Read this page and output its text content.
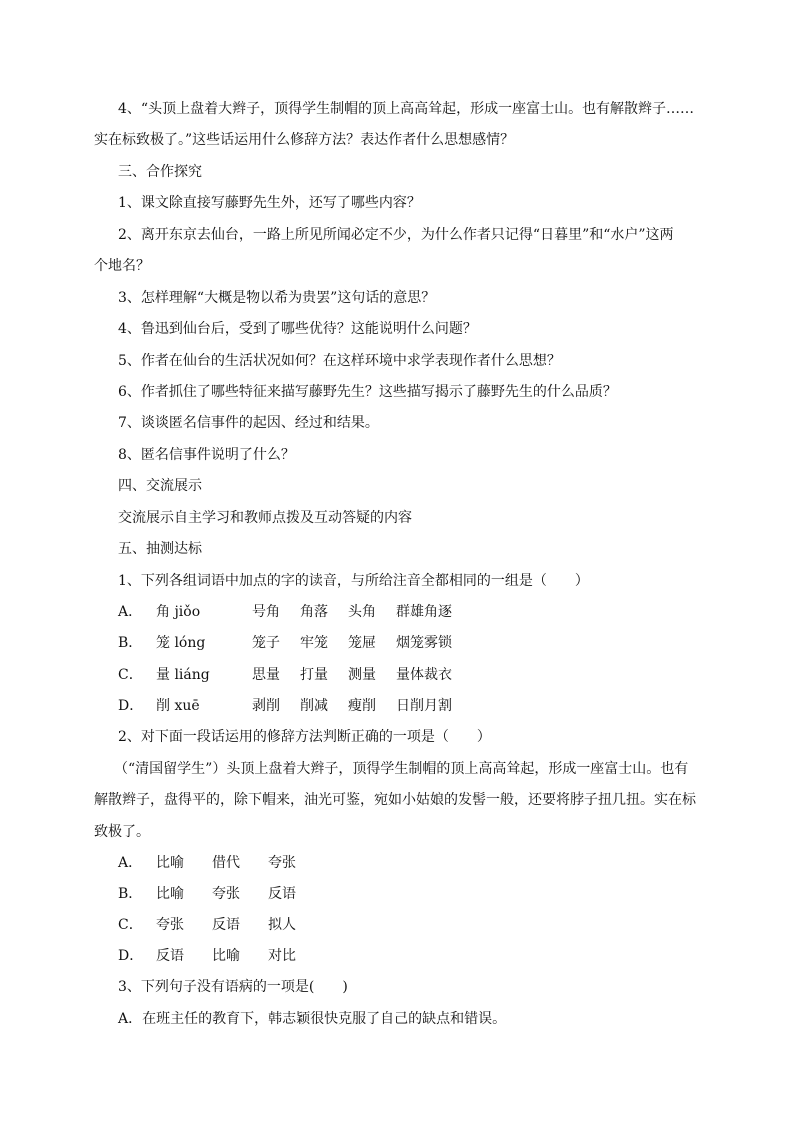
4、“头顶上盘着大辫子，顶得学生制帽的顶上高高耸起，形成一座富士山。也有解散辫子……
实在标致极了。”这些话运用什么修辞方法？表达作者什么思想感情？
三、合作探究
1、课文除直接写藤野先生外，还写了哪些内容？
2、离开东京去仙台，一路上所见所闻必定不少，为什么作者只记得“日暮里”和“水户”这两
个地名？
3、怎样理解“大概是物以希为贵罢”这句话的意思？
4、鲁迅到仙台后，受到了哪些优待？这能说明什么问题？
5、作者在仙台的生活状况如何？在这样环境中求学表现作者什么思想？
6、作者抓住了哪些特征来描写藤野先生？这些描写揭示了藤野先生的什么品质？
7、谈谈匿名信事件的起因、经过和结果。
8、匿名信事件说明了什么？
四、交流展示
交流展示自主学习和教师点拨及互动答疑的内容
五、抽测达标
1、下列各组词语中加点的字的读音，与所给注音全都相同的一组是（　　）
A． 角 jiǒo	号角 角落 头角 群雄角逐
B． 笼 lóng	笼子 牢笼 笼屉 烟笼雾锁
C． 量 liáng	思量 打量 测量 量体裁衣
D． 削 xuē	剥削 削减 瘦削 日削月割
2、对下面一段话运用的修辞方法判断正确的一项是（　　）
（“清国留学生”）头顶上盘着大辫子，顶得学生制帽的顶上高高耸起，形成一座富士山。也有
解散辫子，盘得平的，除下帽来，油光可鉴，宛如小姑娘的发髻一般，还要将脖子扭几扭。实在标
致极了。
A． 比喻 借代 夸张
B． 比喻 夸张 反语
C． 夸张 反语 拟人
D． 反语 比喻 对比
3、下列句子没有语病的一项是(　　)
A．在班主任的教育下，韩志颖很快克服了自己的缺点和错误。
